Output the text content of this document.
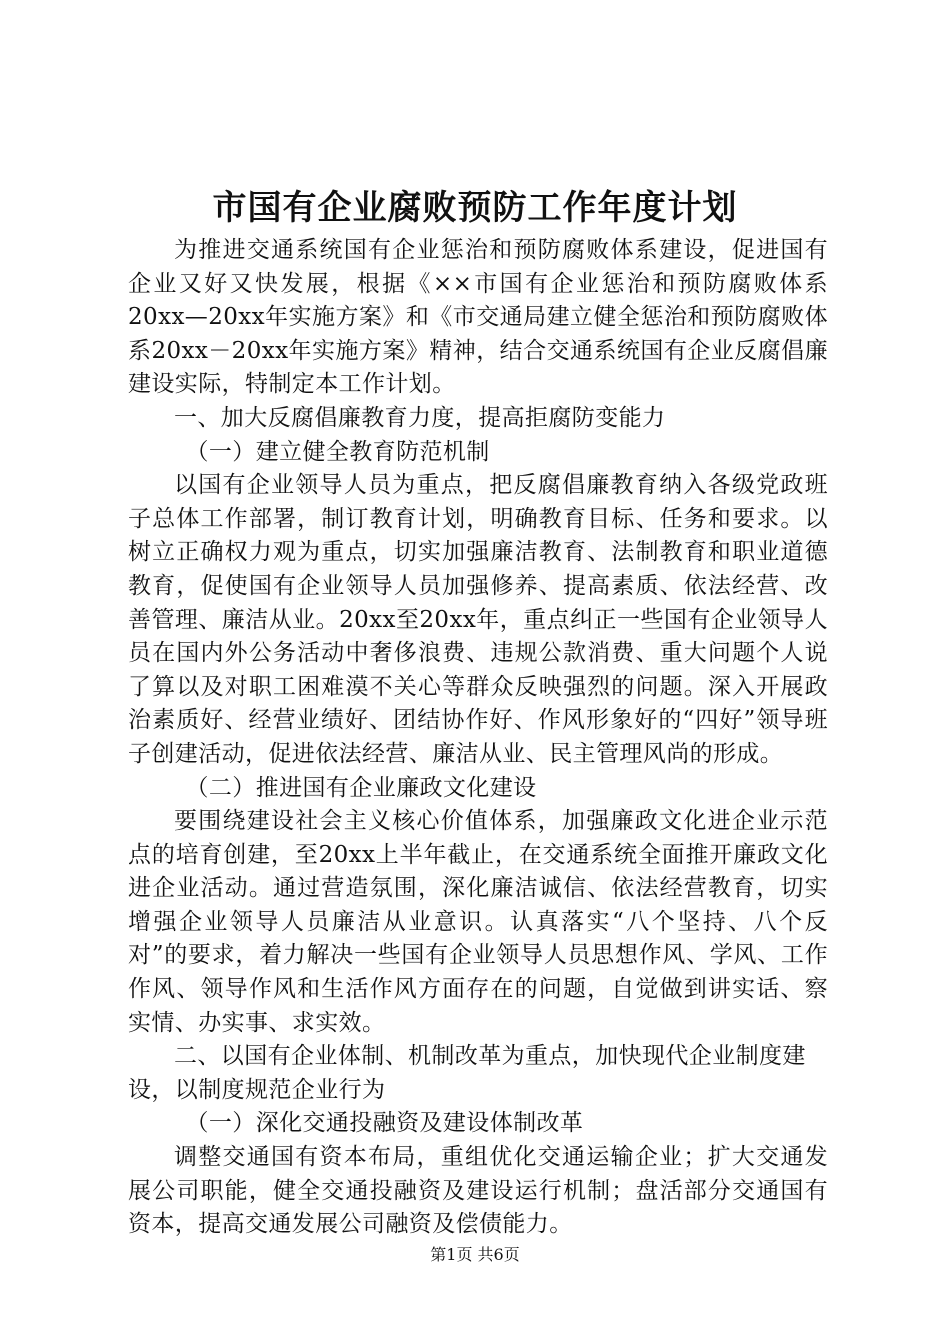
市国有企业腐败预防工作年度计划

为推进交通系统国有企业惩治和预防腐败体系建设，促进国有企业又好又快发展，根据《××市国有企业惩治和预防腐败体系20xx—20xx年实施方案》和《市交通局建立健全惩治和预防腐败体系20xx－20xx年实施方案》精神，结合交通系统国有企业反腐倡廉建设实际，特制定本工作计划。

一、加大反腐倡廉教育力度，提高拒腐防变能力

（一）建立健全教育防范机制

以国有企业领导人员为重点，把反腐倡廉教育纳入各级党政班子总体工作部署，制订教育计划，明确教育目标、任务和要求。以树立正确权力观为重点，切实加强廉洁教育、法制教育和职业道德教育，促使国有企业领导人员加强修养、提高素质、依法经营、改善管理、廉洁从业。20xx至20xx年，重点纠正一些国有企业领导人员在国内外公务活动中奢侈浪费、违规公款消费、重大问题个人说了算以及对职工困难漠不关心等群众反映强烈的问题。深入开展政治素质好、经营业绩好、团结协作好、作风形象好的“四好”领导班子创建活动，促进依法经营、廉洁从业、民主管理风尚的形成。

（二）推进国有企业廉政文化建设

要围绕建设社会主义核心价值体系，加强廉政文化进企业示范点的培育创建，至20xx上半年截止，在交通系统全面推开廉政文化进企业活动。通过营造氛围，深化廉洁诚信、依法经营教育，切实增强企业领导人员廉洁从业意识。认真落实“八个坚持、八个反对”的要求，着力解决一些国有企业领导人员思想作风、学风、工作作风、领导作风和生活作风方面存在的问题，自觉做到讲实话、察实情、办实事、求实效。

二、以国有企业体制、机制改革为重点，加快现代企业制度建设，以制度规范企业行为

（一）深化交通投融资及建设体制改革

调整交通国有资本布局，重组优化交通运输企业；扩大交通发展公司职能，健全交通投融资及建设运行机制；盘活部分交通国有资本，提高交通发展公司融资及偿债能力。

第1页 共6页
